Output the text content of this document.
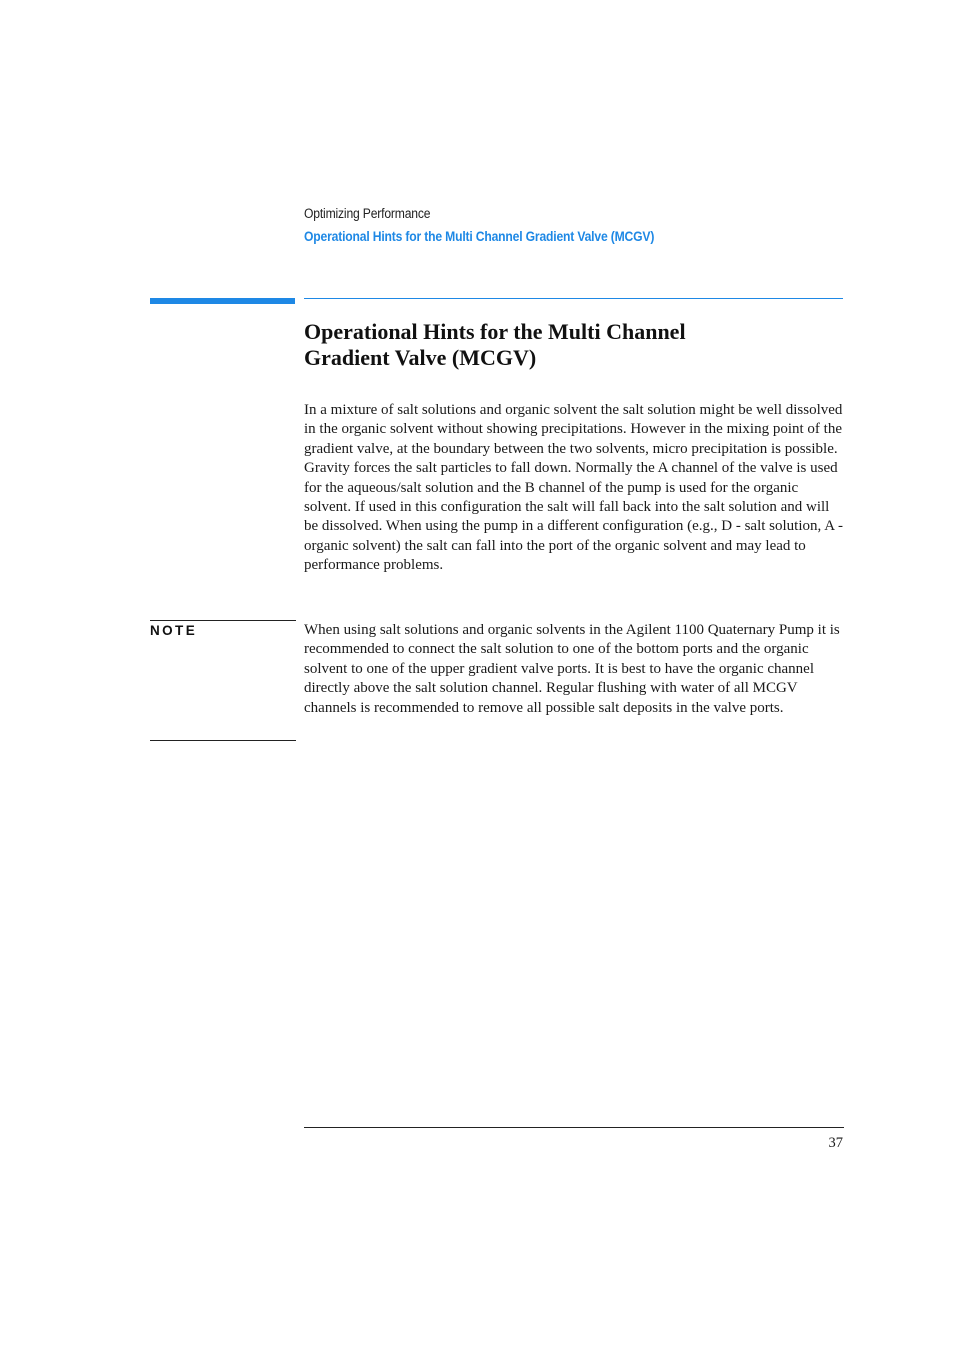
Optimizing Performance
Operational Hints for the Multi Channel Gradient Valve (MCGV)
Operational Hints for the Multi Channel
Gradient Valve (MCGV)

In a mixture of salt solutions and organic solvent the salt solution might be well dissolved in the organic solvent without showing precipitations. However in the mixing point of the gradient valve, at the boundary between the two solvents, micro precipitation is possible. Gravity forces the salt particles to fall down. Normally the A channel of the valve is used for the aqueous/salt solution and the B channel of the pump is used for the organic solvent. If used in this configuration the salt will fall back into the salt solution and will be dissolved. When using the pump in a different configuration (e.g., D - salt solution, A -organic solvent) the salt can fall into the port of the organic solvent and may lead to performance problems.

NOTE	When using salt solutions and organic solvents in the Agilent 1100 Quaternary Pump it is recommended to connect the salt solution to one of the bottom ports and the organic solvent to one of the upper gradient valve ports. It is best to have the organic channel directly above the salt solution channel. Regular flushing with water of all MCGV channels is recommended to remove all possible salt deposits in the valve ports.

37
